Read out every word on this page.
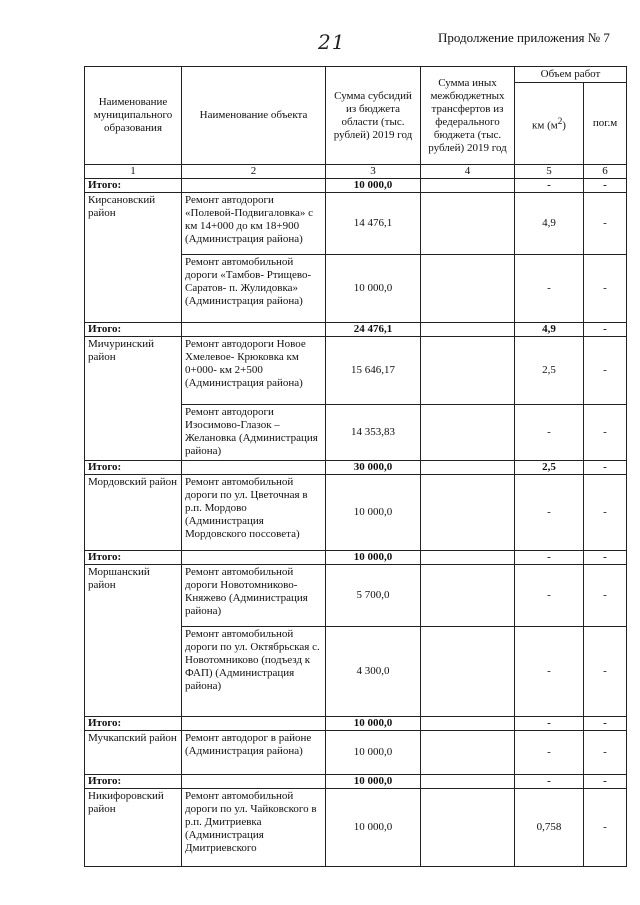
21	Продолжение приложения № 7
Наименование муниципального образования	Наименование объекта	Сумма субсидий из бюджета области (тыс. рублей) 2019 год	Сумма иных межбюджетных трансфертов из федерального бюджета (тыс. рублей) 2019 год	Объем работ	
				км $(м^2)$	пог.м
1	2	3	4	5	6
Итого:		10 000,0		-	-
Кирсановский район	Ремонт автодороги «Полевой-Подвигаловка» с км 14+000 до км 18+900 (Администрация района)	14 476,1		4,9	-
	Ремонт автомобильной дороги «Тамбов- Ртищево-Саратов- п. Жулидовка» (Администрация района)	10 000,0		-	-
Итого:		24 476,1		4,9	-
Мичуринский район	Ремонт автодороги Новое Хмелевое- Крюковка км 0+000- км 2+500 (Администрация района)	15 646,17		2,5	-
	Ремонт автодороги Изосимово-Глазок – Желановка (Администрация района)	14 353,83		-	-
Итого:		30 000,0		2,5	-
Мордовский район	Ремонт автомобильной дороги по ул. Цветочная в р.п. Мордово (Администрация Мордовского поссовета)	10 000,0		-	-
Итого:		10 000,0		-	-
Моршанский район	Ремонт автомобильной дороги Новотомниково- Княжево (Администрация района)	5 700,0		-	-
	Ремонт автомобильной дороги по ул. Октябрьская с. Новотомниково (подъезд к ФАП) (Администрация района)	4 300,0		-	-
Итого:		10 000,0		-	-
Мучкапский район	Ремонт автодорог в районе (Администрация района)	10 000,0		-	-
Итого:		10 000,0		-	-
Никифоровский район	Ремонт автомобильной дороги по ул. Чайковского в р.п. Дмитриевка (Администрация Дмитриевского	10 000,0		0,758	-
